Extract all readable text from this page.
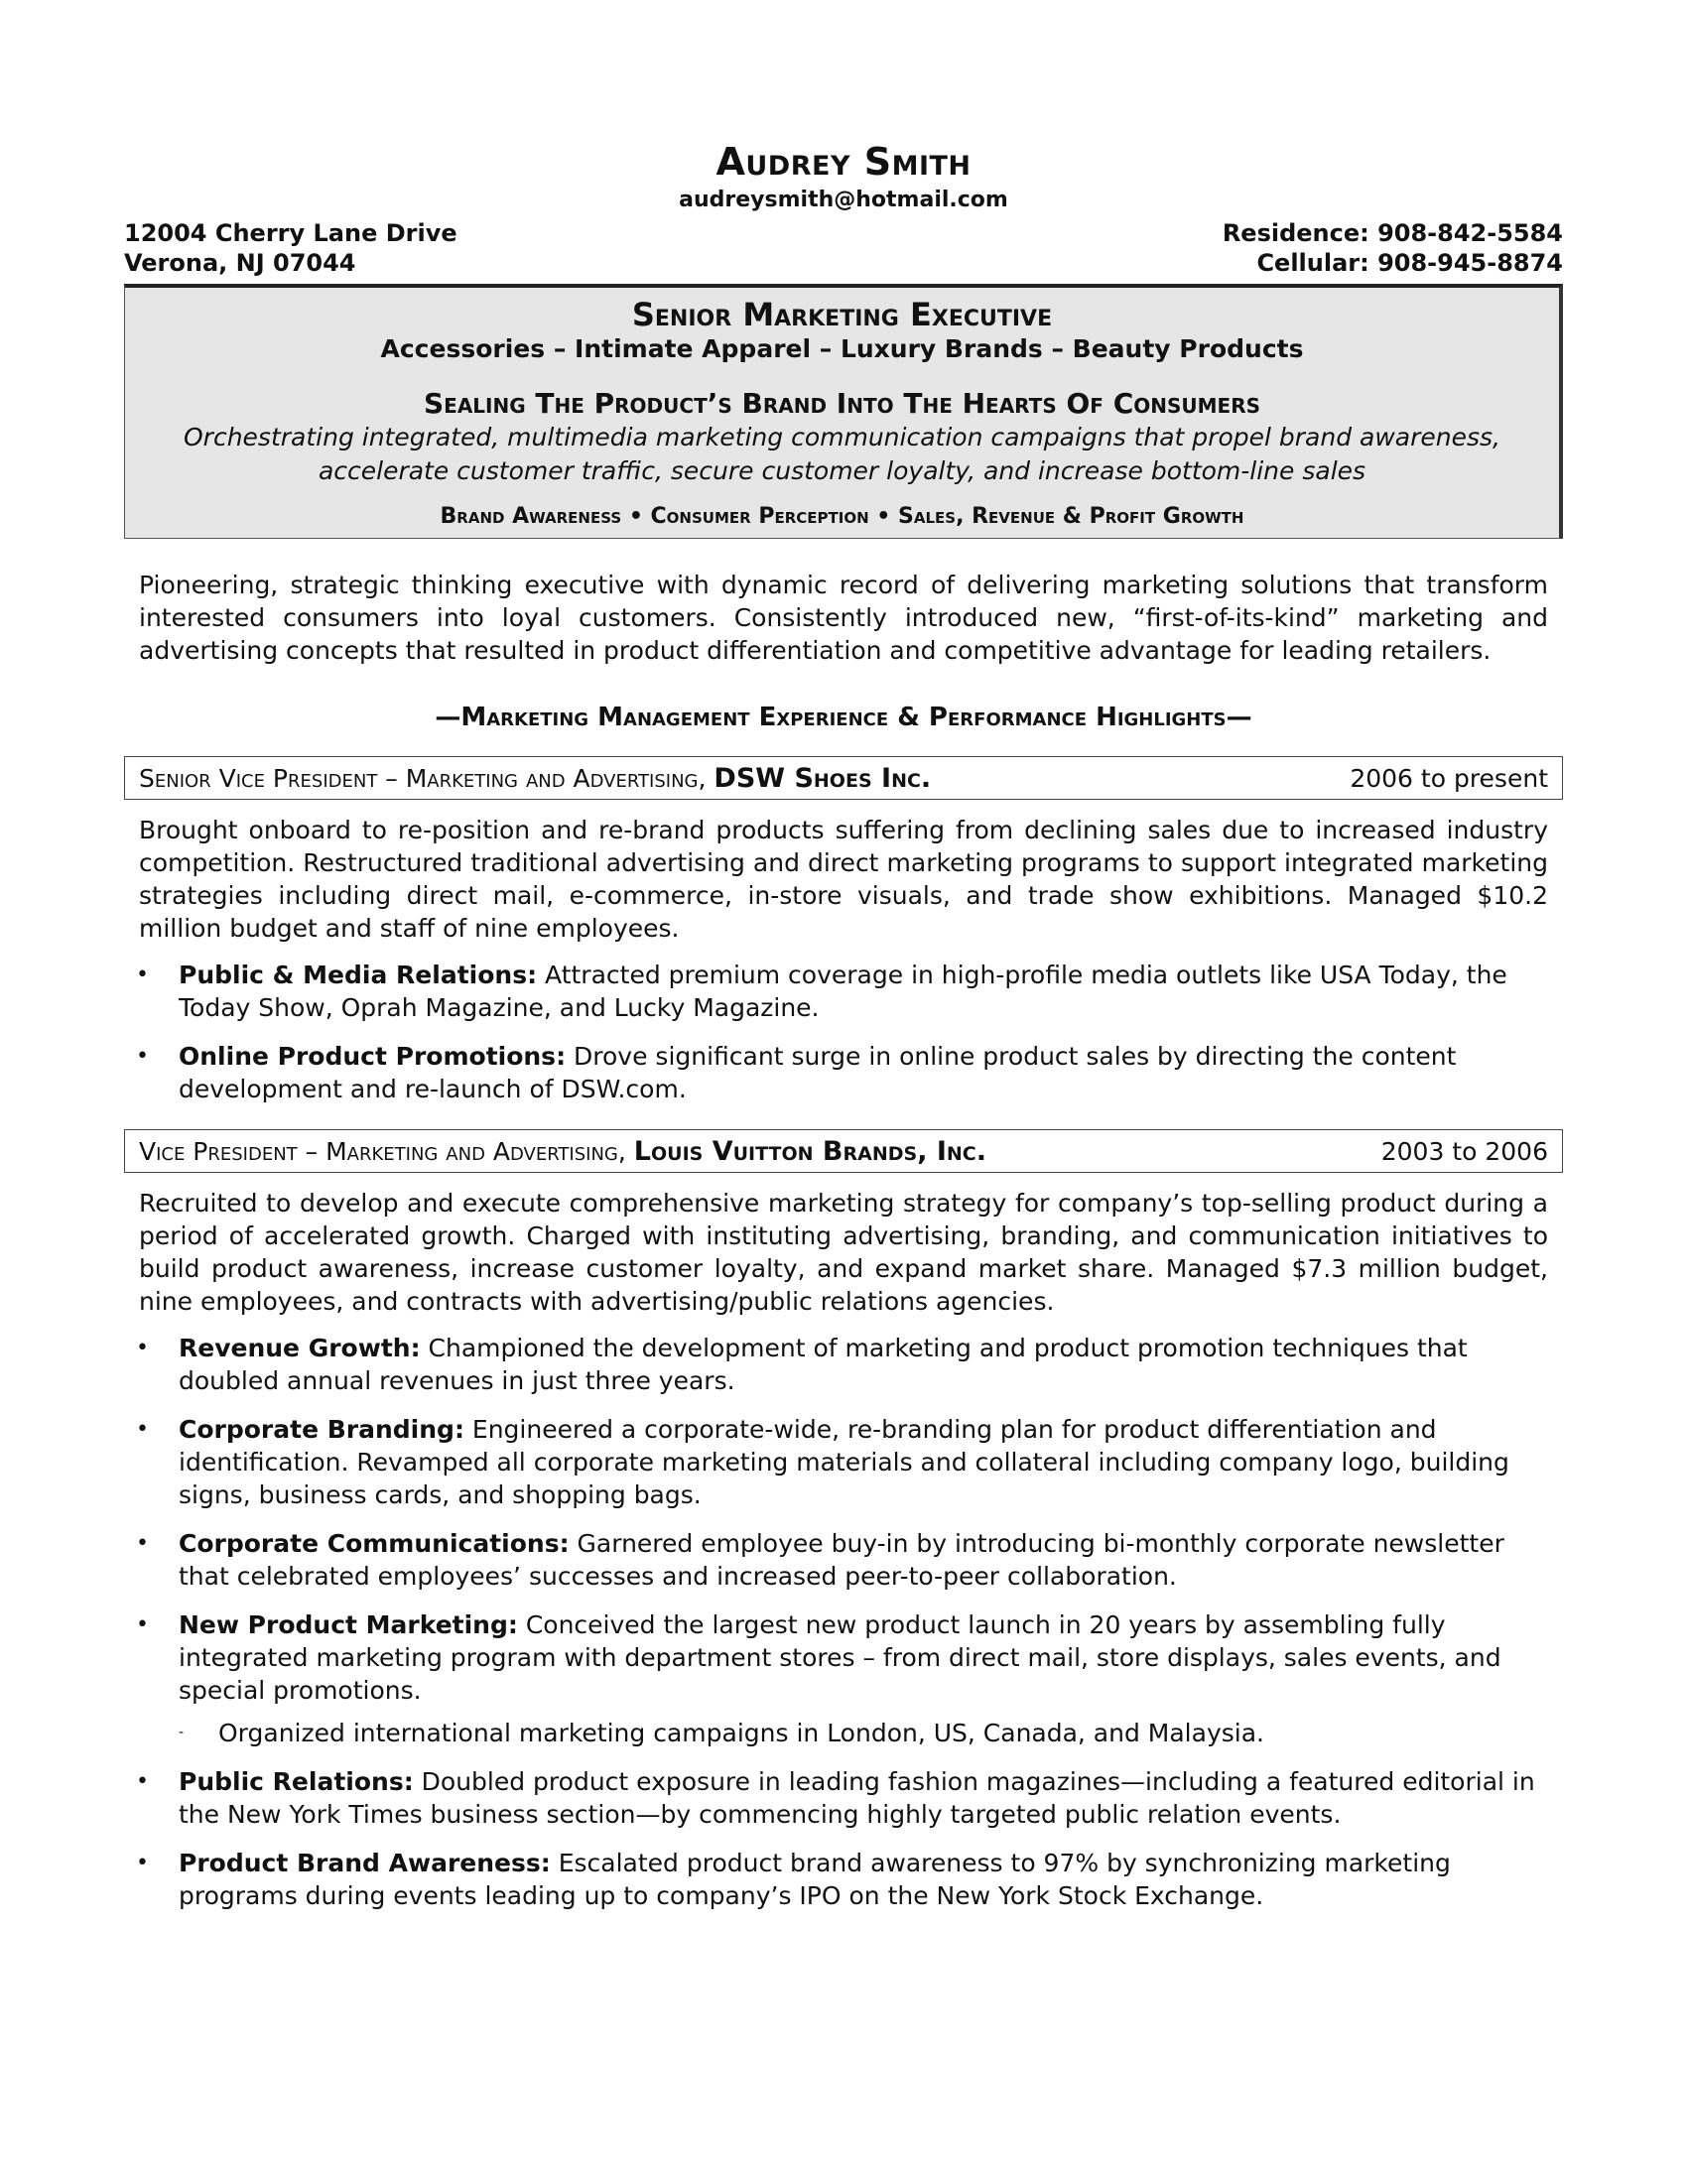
Audrey Smith
audreysmith@hotmail.com
12004 Cherry Lane Drive
Verona, NJ 07044
Residence: 908-842-5584
Cellular: 908-945-8874
Senior Marketing Executive
Accessories – Intimate Apparel – Luxury Brands – Beauty Products
Sealing The Product’s Brand Into The Hearts Of Consumers
Orchestrating integrated, multimedia marketing communication campaigns that propel brand awareness, accelerate customer traffic, secure customer loyalty, and increase bottom-line sales
Brand Awareness • Consumer Perception • Sales, Revenue & Profit Growth
Pioneering, strategic thinking executive with dynamic record of delivering marketing solutions that transform interested consumers into loyal customers. Consistently introduced new, “first-of-its-kind” marketing and advertising concepts that resulted in product differentiation and competitive advantage for leading retailers.
—Marketing Management Experience & Performance Highlights—
Senior Vice President – Marketing and Advertising, DSW Shoes Inc.	2006 to present
Brought onboard to re-position and re-brand products suffering from declining sales due to increased industry competition. Restructured traditional advertising and direct marketing programs to support integrated marketing strategies including direct mail, e-commerce, in-store visuals, and trade show exhibitions. Managed $10.2 million budget and staff of nine employees.
• Public & Media Relations: Attracted premium coverage in high-profile media outlets like USA Today, the Today Show, Oprah Magazine, and Lucky Magazine.
• Online Product Promotions: Drove significant surge in online product sales by directing the content development and re-launch of DSW.com.
Vice President – Marketing and Advertising, Louis Vuitton Brands, Inc.	2003 to 2006
Recruited to develop and execute comprehensive marketing strategy for company’s top-selling product during a period of accelerated growth. Charged with instituting advertising, branding, and communication initiatives to build product awareness, increase customer loyalty, and expand market share. Managed $7.3 million budget, nine employees, and contracts with advertising/public relations agencies.
• Revenue Growth: Championed the development of marketing and product promotion techniques that doubled annual revenues in just three years.
• Corporate Branding: Engineered a corporate-wide, re-branding plan for product differentiation and identification. Revamped all corporate marketing materials and collateral including company logo, building signs, business cards, and shopping bags.
• Corporate Communications: Garnered employee buy-in by introducing bi-monthly corporate newsletter that celebrated employees’ successes and increased peer-to-peer collaboration.
• New Product Marketing: Conceived the largest new product launch in 20 years by assembling fully integrated marketing program with department stores – from direct mail, store displays, sales events, and special promotions.
- Organized international marketing campaigns in London, US, Canada, and Malaysia.
• Public Relations: Doubled product exposure in leading fashion magazines—including a featured editorial in the New York Times business section—by commencing highly targeted public relation events.
• Product Brand Awareness: Escalated product brand awareness to 97% by synchronizing marketing programs during events leading up to company’s IPO on the New York Stock Exchange.
